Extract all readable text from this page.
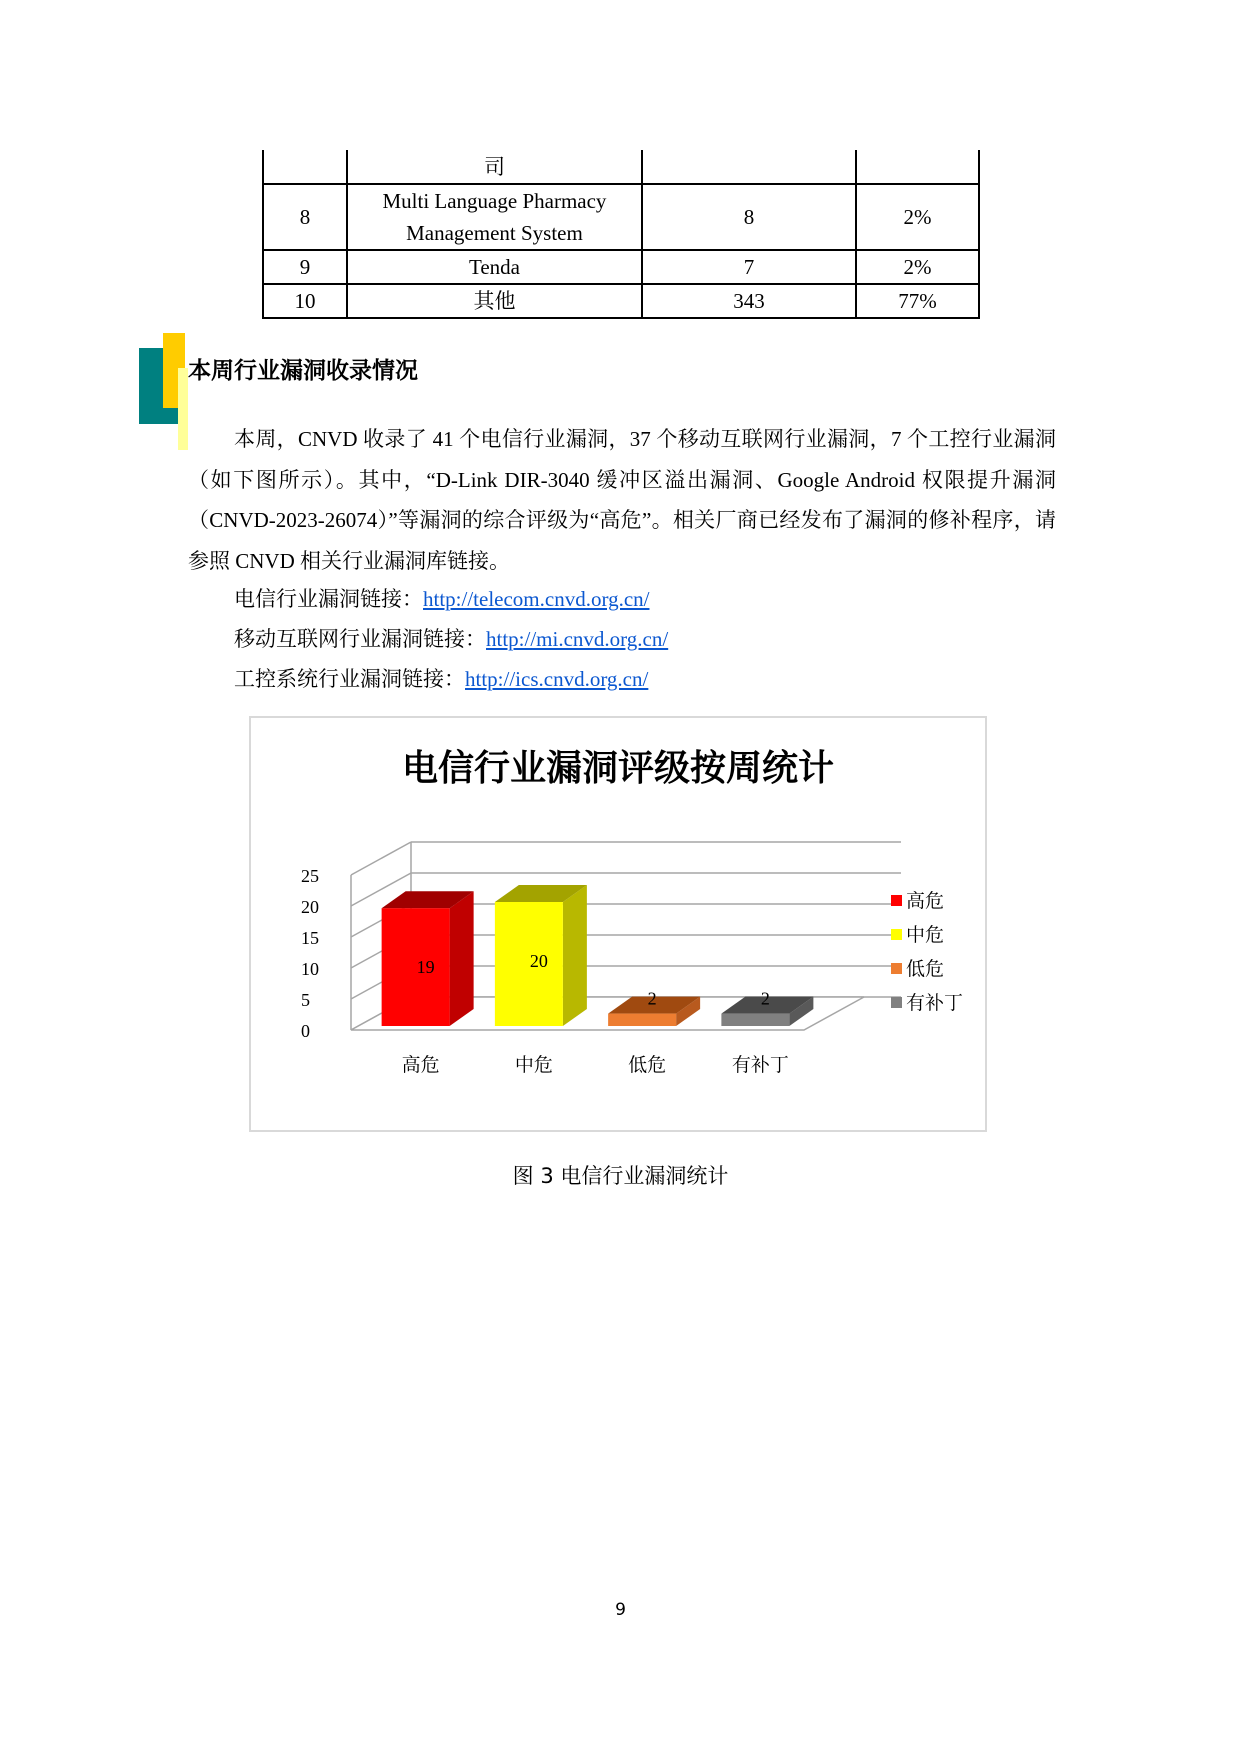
	司		
8	Multi Language Pharmacy Management System	8	2%
9	Tenda	7	2%
10	其他	343	77%
本周行业漏洞收录情况
本周，CNVD 收录了 41 个电信行业漏洞，37 个移动互联网行业漏洞，7 个工控行业漏洞（如下图所示）。其中，“D-Link DIR-3040 缓冲区溢出漏洞、Google Android 权限提升漏洞（CNVD-2023-26074）”等漏洞的综合评级为“高危”。相关厂商已经发布了漏洞的修补程序，请参照 CNVD 相关行业漏洞库链接。
电信行业漏洞链接：http://telecom.cnvd.org.cn/
移动互联网行业漏洞链接：http://mi.cnvd.org.cn/
工控系统行业漏洞链接：http://ics.cnvd.org.cn/
电信行业漏洞评级按周统计
0
5
10
15
20
25
19
高危
20
中危
2
低危
2
有补丁
高危
中危
低危
有补丁
图 3 电信行业漏洞统计
9
